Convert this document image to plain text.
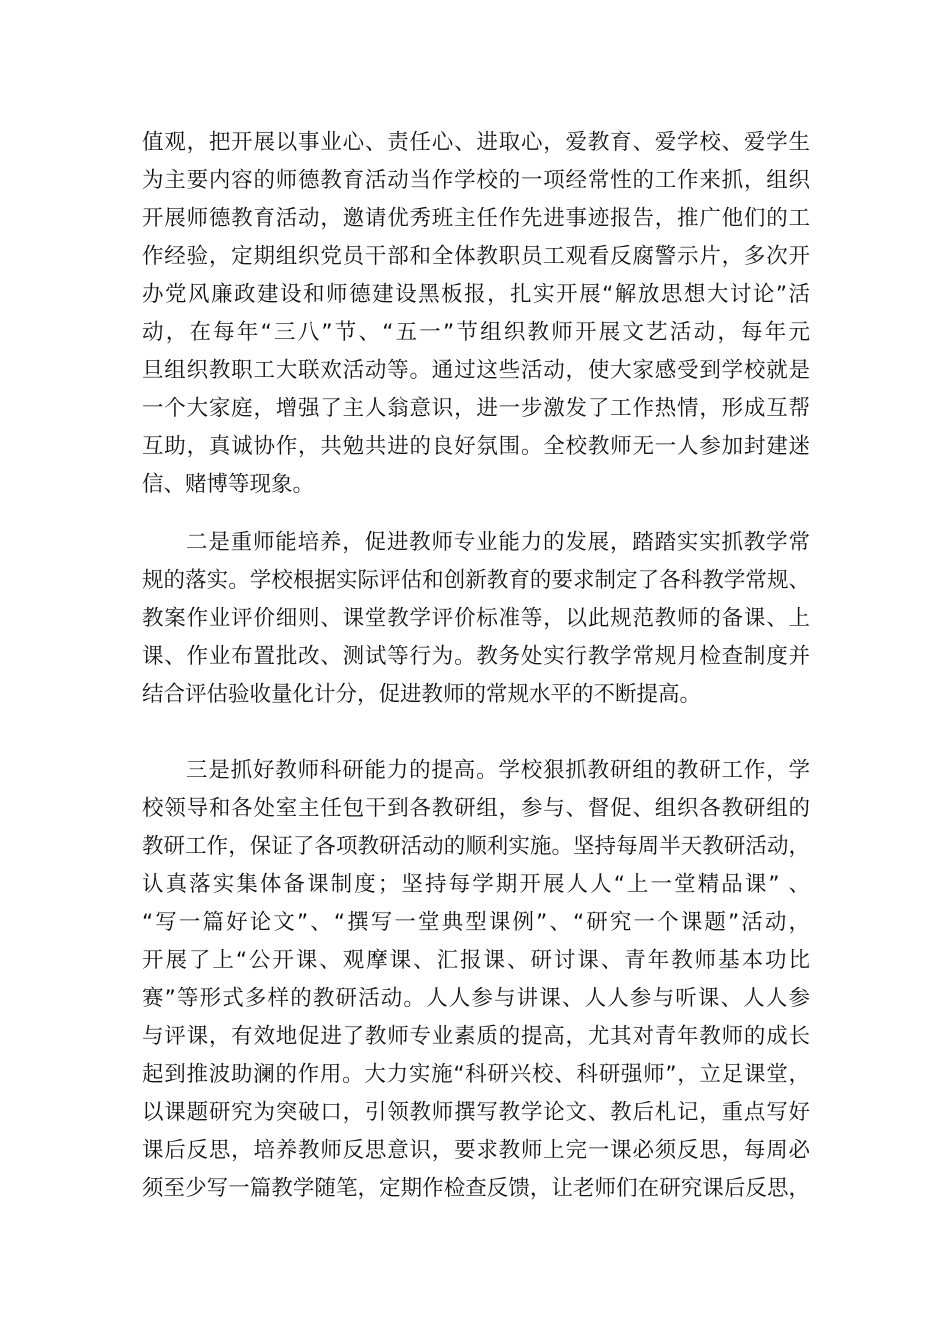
值观，把开展以事业心、责任心、进取心，爱教育、爱学校、爱学生
为主要内容的师德教育活动当作学校的一项经常性的工作来抓，组织
开展师德教育活动，邀请优秀班主任作先进事迹报告，推广他们的工
作经验，定期组织党员干部和全体教职员工观看反腐警示片，多次开
办党风廉政建设和师德建设黑板报，扎实开展“解放思想大讨论”活
动，在每年“三八”节、“五一”节组织教师开展文艺活动，每年元
旦组织教职工大联欢活动等。通过这些活动，使大家感受到学校就是
一个大家庭，增强了主人翁意识，进一步激发了工作热情，形成互帮
互助，真诚协作，共勉共进的良好氛围。全校教师无一人参加封建迷
信、赌博等现象。
二是重师能培养，促进教师专业能力的发展，踏踏实实抓教学常
规的落实。学校根据实际评估和创新教育的要求制定了各科教学常规、
教案作业评价细则、课堂教学评价标准等，以此规范教师的备课、上
课、作业布置批改、测试等行为。教务处实行教学常规月检查制度并
结合评估验收量化计分，促进教师的常规水平的不断提高。
三是抓好教师科研能力的提高。学校狠抓教研组的教研工作，学
校领导和各处室主任包干到各教研组，参与、督促、组织各教研组的
教研工作，保证了各项教研活动的顺利实施。坚持每周半天教研活动，
认真落实集体备课制度；坚持每学期开展人人“上一堂精品课” 、
“写一篇好论文”、“撰写一堂典型课例”、“研究一个课题”活动，
开展了上“公开课、观摩课、汇报课、研讨课、青年教师基本功比
赛”等形式多样的教研活动。人人参与讲课、人人参与听课、人人参
与评课，有效地促进了教师专业素质的提高，尤其对青年教师的成长
起到推波助澜的作用。大力实施“科研兴校、科研强师”，立足课堂，
以课题研究为突破口，引领教师撰写教学论文、教后札记，重点写好
课后反思，培养教师反思意识，要求教师上完一课必须反思，每周必
须至少写一篇教学随笔，定期作检查反馈，让老师们在研究课后反思，
